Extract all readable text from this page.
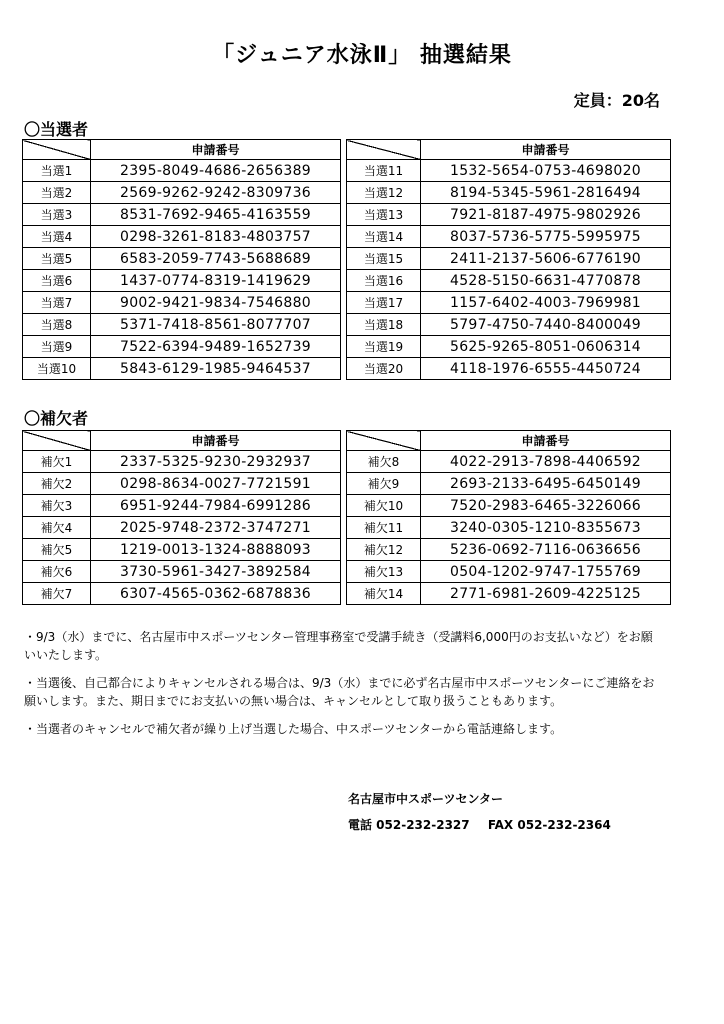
「ジュニア水泳Ⅱ」 抽選結果
定員：20名
〇当選者
	申請番号			申請番号
当選1	2395-8049-4686-2656389		当選11	1532-5654-0753-4698020
当選2	2569-9262-9242-8309736		当選12	8194-5345-5961-2816494
当選3	8531-7692-9465-4163559		当選13	7921-8187-4975-9802926
当選4	0298-3261-8183-4803757		当選14	8037-5736-5775-5995975
当選5	6583-2059-7743-5688689		当選15	2411-2137-5606-6776190
当選6	1437-0774-8319-1419629		当選16	4528-5150-6631-4770878
当選7	9002-9421-9834-7546880		当選17	1157-6402-4003-7969981
当選8	5371-7418-8561-8077707		当選18	5797-4750-7440-8400049
当選9	7522-6394-9489-1652739		当選19	5625-9265-8051-0606314
当選10	5843-6129-1985-9464537		当選20	4118-1976-6555-4450724
〇補欠者
	申請番号			申請番号
補欠1	2337-5325-9230-2932937		補欠8	4022-2913-7898-4406592
補欠2	0298-8634-0027-7721591		補欠9	2693-2133-6495-6450149
補欠3	6951-9244-7984-6991286		補欠10	7520-2983-6465-3226066
補欠4	2025-9748-2372-3747271		補欠11	3240-0305-1210-8355673
補欠5	1219-0013-1324-8888093		補欠12	5236-0692-7116-0636656
補欠6	3730-5961-3427-3892584		補欠13	0504-1202-9747-1755769
補欠7	6307-4565-0362-6878836		補欠14	2771-6981-2609-4225125

・9/3（水）までに、名古屋市中スポーツセンター管理事務室で受講手続き（受講料6,000円のお支払いなど）をお願いいたします。

・当選後、自己都合によりキャンセルされる場合は、9/3（水）までに必ず名古屋市中スポーツセンターにご連絡をお願いします。また、期日までにお支払いの無い場合は、キャンセルとして取り扱うこともあります。

・当選者のキャンセルで補欠者が繰り上げ当選した場合、中スポーツセンターから電話連絡します。

名古屋市中スポーツセンター
電話 052-232-2327 FAX 052-232-2364
